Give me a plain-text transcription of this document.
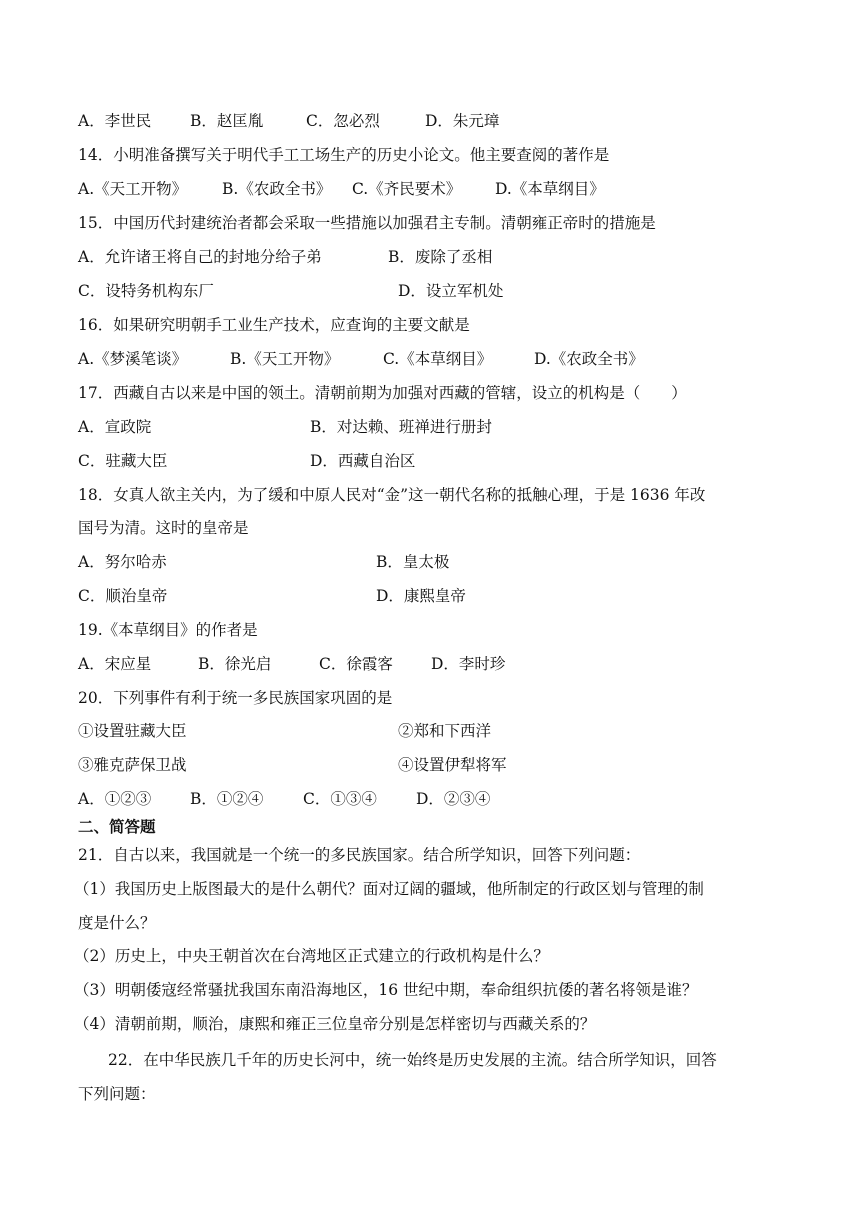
A．李世民	B．赵匡胤	C．忽必烈	D．朱元璋
14．小明准备撰写关于明代手工工场生产的历史小论文。他主要查阅的著作是
A.《天工开物》 B.《农政全书》 C.《齐民要术》 D.《本草纲目》
15．中国历代封建统治者都会采取一些措施以加强君主专制。清朝雍正帝时的措施是
A．允许诸王将自己的封地分给子弟	B．废除了丞相
C．设特务机构东厂	D．设立军机处
16．如果研究明朝手工业生产技术，应查询的主要文献是
A.《梦溪笔谈》	B.《天工开物》	C.《本草纲目》	D.《农政全书》
17．西藏自古以来是中国的领土。清朝前期为加强对西藏的管辖，设立的机构是（　　）
A．宣政院	B．对达赖、班禅进行册封
C．驻藏大臣	D．西藏自治区
18．女真人欲主关内，为了缓和中原人民对“金”这一朝代名称的抵触心理，于是 1636 年改
国号为清。这时的皇帝是
A．努尔哈赤	B．皇太极
C．顺治皇帝	D．康熙皇帝
19.《本草纲目》的作者是
A．宋应星	B．徐光启	C．徐霞客 D．李时珍
20．下列事件有利于统一多民族国家巩固的是
①设置驻藏大臣	②郑和下西洋
③雅克萨保卫战	④设置伊犁将军
A．①②③	B．①②④	C．①③④	D．②③④
二、简答题
21．自古以来，我国就是一个统一的多民族国家。结合所学知识，回答下列问题：
（1）我国历史上版图最大的是什么朝代？面对辽阔的疆域，他所制定的行政区划与管理的制
度是什么？
（2）历史上，中央王朝首次在台湾地区正式建立的行政机构是什么？
（3）明朝倭寇经常骚扰我国东南沿海地区，16 世纪中期，奉命组织抗倭的著名将领是谁？
（4）清朝前期，顺治，康熙和雍正三位皇帝分别是怎样密切与西藏关系的？
22．在中华民族几千年的历史长河中，统一始终是历史发展的主流。结合所学知识，回答
下列问题：
